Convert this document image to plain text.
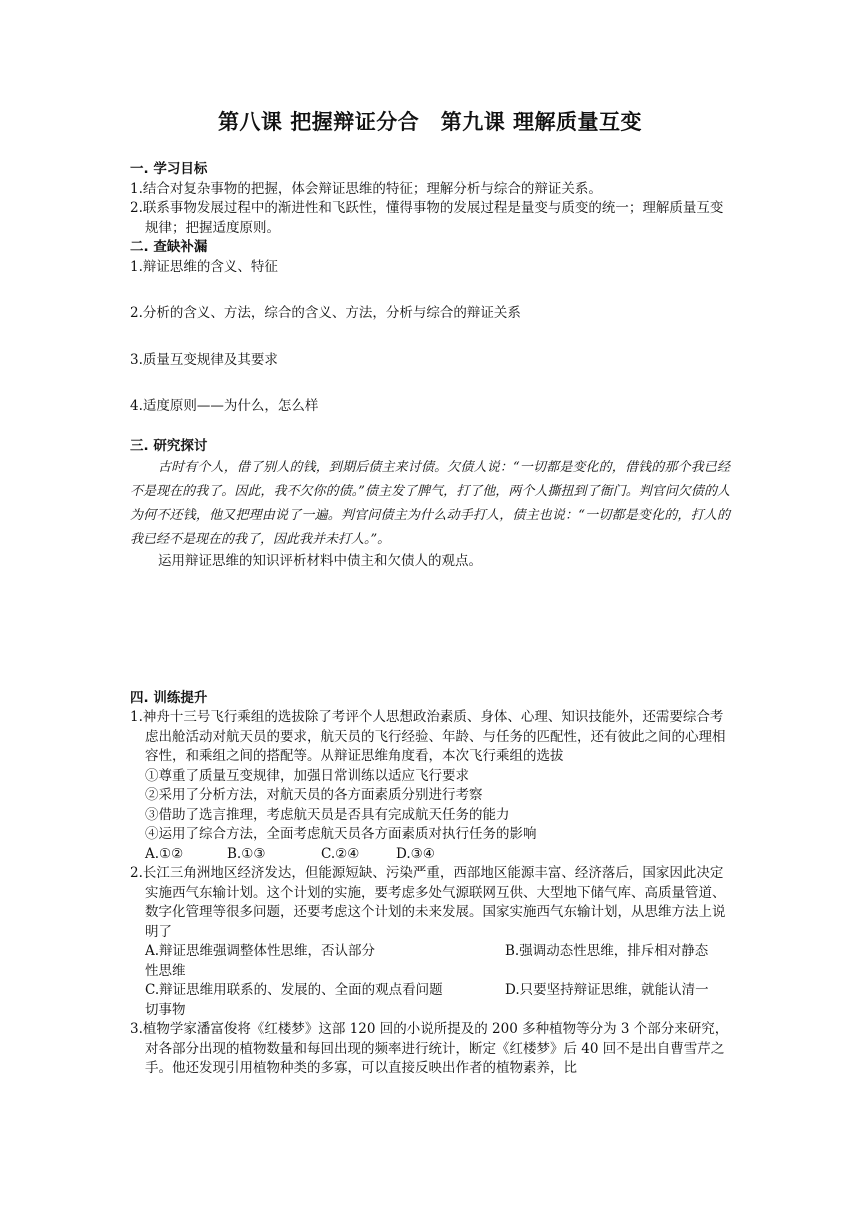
第八课 把握辩证分合　第九课 理解质量互变

一. 学习目标

1.结合对复杂事物的把握，体会辩证思维的特征；理解分析与综合的辩证关系。

2.联系事物发展过程中的渐进性和飞跃性，懂得事物的发展过程是量变与质变的统一；理解质量互变规律；把握适度原则。

二. 查缺补漏

1.辩证思维的含义、特征

2.分析的含义、方法，综合的含义、方法，分析与综合的辩证关系

3.质量互变规律及其要求

4.适度原则——为什么，怎么样

三. 研究探讨

古时有个人，借了别人的钱，到期后债主来讨债。欠债人说：“一切都是变化的，借钱的那个我已经不是现在的我了。因此，我不欠你的债。”债主发了脾气，打了他，两个人撕扭到了衙门。判官问欠债的人为何不还钱，他又把理由说了一遍。判官问债主为什么动手打人，债主也说：“一切都是变化的，打人的我已经不是现在的我了，因此我并未打人。”。

运用辩证思维的知识评析材料中债主和欠债人的观点。

四. 训练提升

1.神舟十三号飞行乘组的选拔除了考评个人思想政治素质、身体、心理、知识技能外，还需要综合考虑出舱活动对航天员的要求，航天员的飞行经验、年龄、与任务的匹配性，还有彼此之间的心理相容性，和乘组之间的搭配等。从辩证思维角度看，本次飞行乘组的选拔

①尊重了质量互变规律，加强日常训练以适应飞行要求

②采用了分析方法，对航天员的各方面素质分别进行考察

③借助了选言推理，考虑航天员是否具有完成航天任务的能力

④运用了综合方法，全面考虑航天员各方面素质对执行任务的影响

A.①②	B.①③	C.②④	D.③④

2.长江三角洲地区经济发达，但能源短缺、污染严重，西部地区能源丰富、经济落后，国家因此决定实施西气东输计划。这个计划的实施，要考虑多处气源联网互供、大型地下储气库、高质量管道、数字化管理等很多问题，还要考虑这个计划的未来发展。国家实施西气东输计划，从思维方法上说明了

A.辩证思维强调整体性思维，否认部分	B.强调动态性思维，排斥相对静态

性思维

C.辩证思维用联系的、发展的、全面的观点看问题	D.只要坚持辩证思维，就能认清一

切事物

3.植物学家潘富俊将《红楼梦》这部 120 回的小说所提及的 200 多种植物等分为 3 个部分来研究，对各部分出现的植物数量和每回出现的频率进行统计，断定《红楼梦》后 40 回不是出自曹雪芹之手。他还发现引用植物种类的多寡，可以直接反映出作者的植物素养，比
